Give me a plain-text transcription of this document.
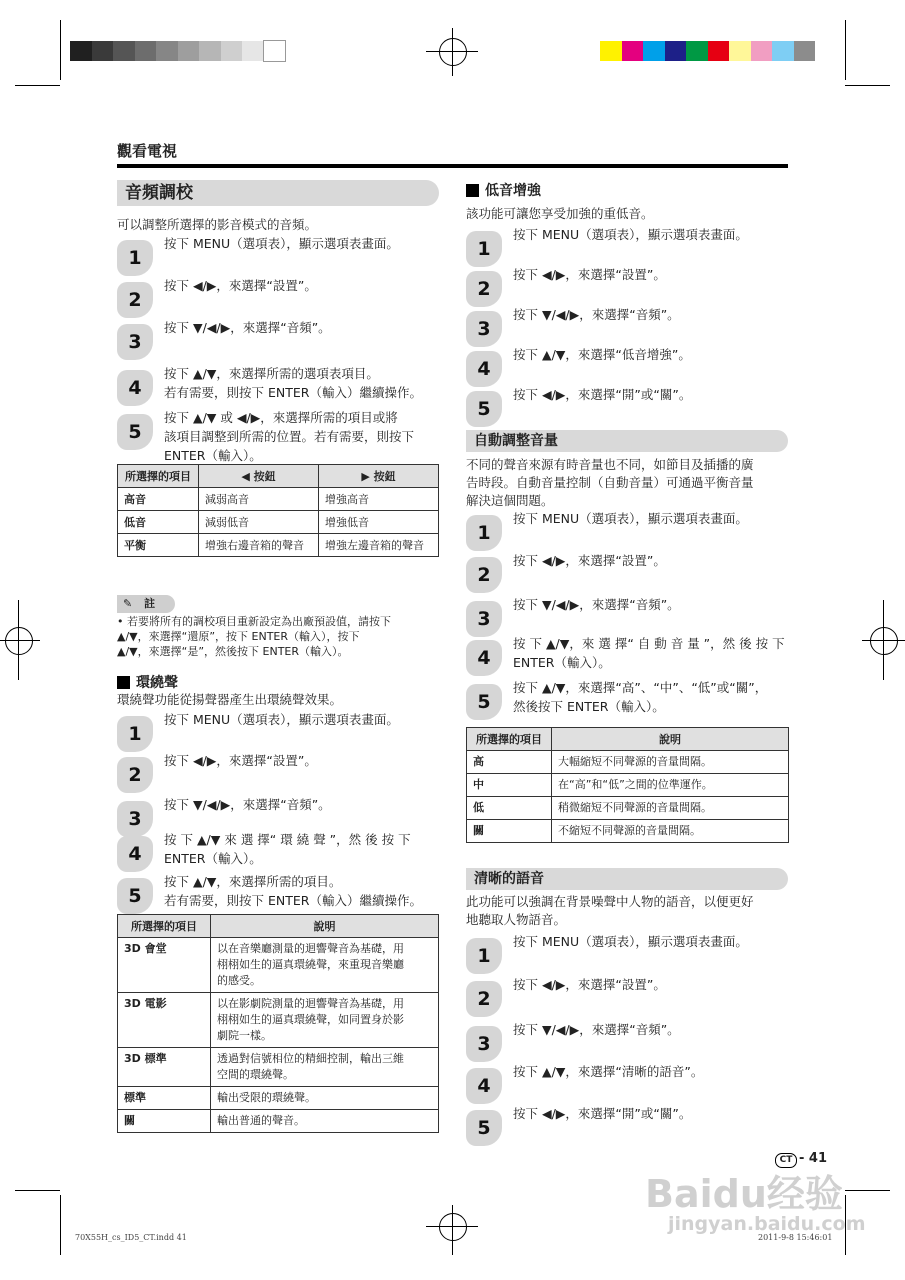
觀看電視
音頻調校
可以調整所選擇的影音模式的音頻。
1
按下 MENU（選項表），顯示選項表畫面。
2
按下 ◀/▶，來選擇“設置”。
3
按下 ▼/◀/▶，來選擇“音頻”。
4
按下 ▲/▼，來選擇所需的選項表項目。
若有需要，則按下 ENTER（輸入）繼續操作。
5
按下 ▲/▼ 或 ◀/▶，來選擇所需的項目或將
該項目調整到所需的位置。若有需要，則按下
ENTER（輸入）。
所選擇的項目	◀ 按鈕	▶ 按鈕
高音	減弱高音	增強高音
低音	減弱低音	增強低音
平衡	增強右邊音箱的聲音	增強左邊音箱的聲音
✎ 註
• 若要將所有的調校項目重新設定為出廠預設值，請按下
▲/▼，來選擇“還原”，按下 ENTER（輸入），按下
▲/▼，來選擇“是”，然後按下 ENTER（輸入）。
環繞聲
環繞聲功能從揚聲器產生出環繞聲效果。
1
按下 MENU（選項表），顯示選項表畫面。
2
按下 ◀/▶，來選擇“設置”。
3
按下 ▼/◀/▶，來選擇“音頻”。
4
按 下 ▲/▼ 來 選 擇“ 環 繞 聲 ”，然 後 按 下
ENTER（輸入）。
5
按下 ▲/▼，來選擇所需的項目。
若有需要，則按下 ENTER（輸入）繼續操作。
所選擇的項目	說明
3D 會堂	以在音樂廳測量的迴響聲音為基礎，用
栩栩如生的逼真環繞聲，來重現音樂廳
的感受。
3D 電影	以在影劇院測量的迴響聲音為基礎，用
栩栩如生的逼真環繞聲，如同置身於影
劇院一樣。
3D 標準	透過對信號相位的精細控制，輸出三維
空間的環繞聲。
標準	輸出受限的環繞聲。
關	輸出普通的聲音。
低音增強
該功能可讓您享受加強的重低音。
1
按下 MENU（選項表），顯示選項表畫面。
2
按下 ◀/▶，來選擇“設置”。
3
按下 ▼/◀/▶，來選擇“音頻”。
4
按下 ▲/▼，來選擇“低音增強”。
5
按下 ◀/▶，來選擇“開”或“關”。
自動調整音量
不同的聲音來源有時音量也不同，如節目及插播的廣
告時段。自動音量控制（自動音量）可通過平衡音量
解決這個問題。
1
按下 MENU（選項表），顯示選項表畫面。
2
按下 ◀/▶，來選擇“設置”。
3
按下 ▼/◀/▶，來選擇“音頻”。
4
按 下 ▲/▼，來 選 擇“ 自 動 音 量 ”，然 後 按 下
ENTER（輸入）。
5
按下 ▲/▼，來選擇“高”、“中”、“低”或“關”，
然後按下 ENTER（輸入）。
所選擇的項目	說明
高	大幅縮短不同聲源的音量間隔。
中	在“高”和“低”之間的位準運作。
低	稍微縮短不同聲源的音量間隔。
關	不縮短不同聲源的音量間隔。
清晰的語音
此功能可以強調在背景噪聲中人物的語音，以便更好
地聽取人物語音。
1
按下 MENU（選項表），顯示選項表畫面。
2
按下 ◀/▶，來選擇“設置”。
3
按下 ▼/◀/▶，來選擇“音頻”。
4
按下 ▲/▼，來選擇“清晰的語音”。
5
按下 ◀/▶，來選擇“開”或“關”。
CT - 41
70X55H_cs_ID5_CT.indd 41	2011-9-8 15:46:01
Baidu经验
jingyan.baidu.com
